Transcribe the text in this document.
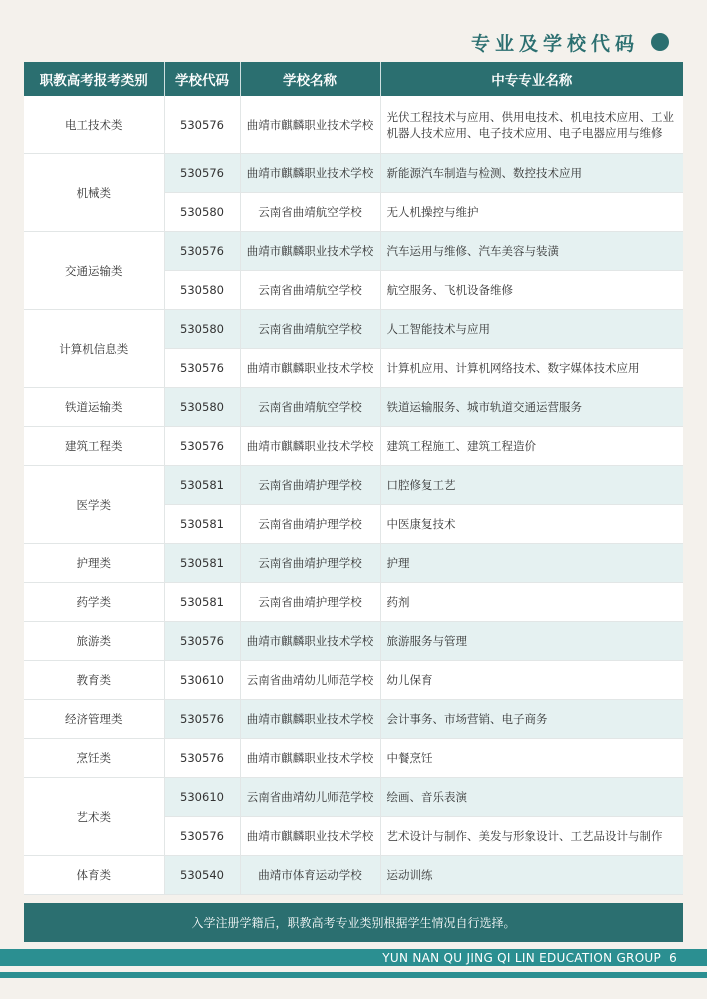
专业及学校代码
职教高考报考类别	学校代码	学校名称	中专专业名称
电工技术类	530576	曲靖市麒麟职业技术学校	光伏工程技术与应用、供用电技术、机电技术应用、工业机器人技术应用、电子技术应用、电子电器应用与维修
机械类	530576	曲靖市麒麟职业技术学校	新能源汽车制造与检测、数控技术应用
	530580	云南省曲靖航空学校	无人机操控与维护
交通运输类	530576	曲靖市麒麟职业技术学校	汽车运用与维修、汽车美容与装潢
	530580	云南省曲靖航空学校	航空服务、飞机设备维修
计算机信息类	530580	云南省曲靖航空学校	人工智能技术与应用
	530576	曲靖市麒麟职业技术学校	计算机应用、计算机网络技术、数字媒体技术应用
铁道运输类	530580	云南省曲靖航空学校	铁道运输服务、城市轨道交通运营服务
建筑工程类	530576	曲靖市麒麟职业技术学校	建筑工程施工、建筑工程造价
医学类	530581	云南省曲靖护理学校	口腔修复工艺
	530581	云南省曲靖护理学校	中医康复技术
护理类	530581	云南省曲靖护理学校	护理
药学类	530581	云南省曲靖护理学校	药剂
旅游类	530576	曲靖市麒麟职业技术学校	旅游服务与管理
教育类	530610	云南省曲靖幼儿师范学校	幼儿保育
经济管理类	530576	曲靖市麒麟职业技术学校	会计事务、市场营销、电子商务
烹饪类	530576	曲靖市麒麟职业技术学校	中餐烹饪
艺术类	530610	云南省曲靖幼儿师范学校	绘画、音乐表演
	530576	曲靖市麒麟职业技术学校	艺术设计与制作、美发与形象设计、工艺品设计与制作
体育类	530540	曲靖市体育运动学校	运动训练
入学注册学籍后，职教高考专业类别根据学生情况自行选择。
YUN NAN QU JING QI LIN EDUCATION GROUP 6
